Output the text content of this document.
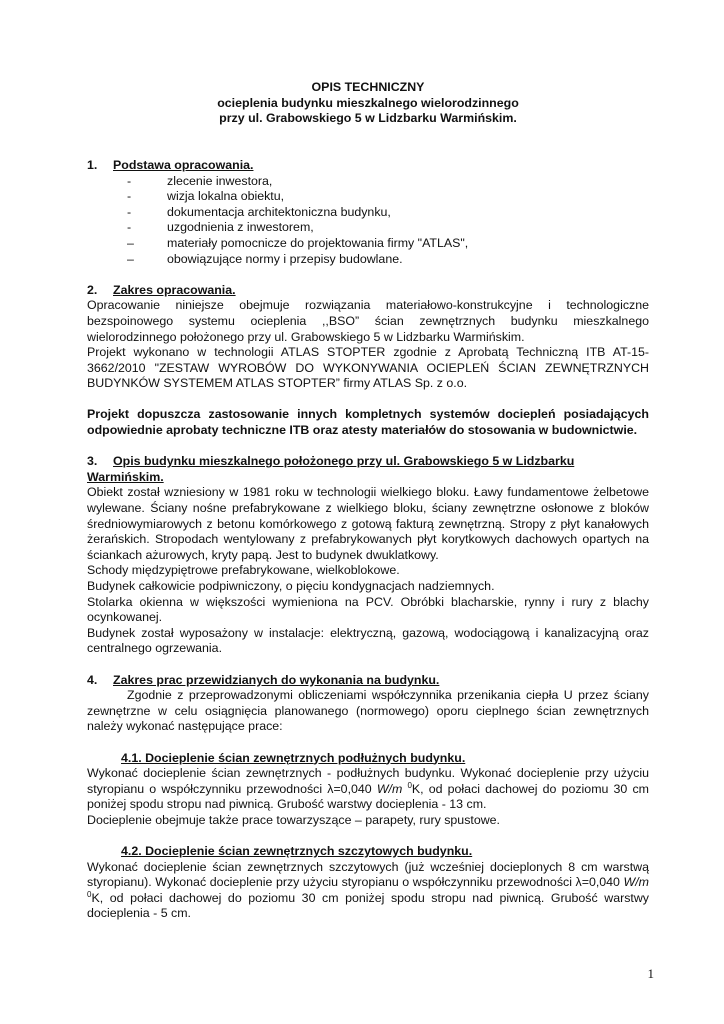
OPIS TECHNICZNY
ocieplenia budynku mieszkalnego wielorodzinnego
przy ul. Grabowskiego 5 w Lidzbarku Warmińskim.
1. Podstawa opracowania.
-	zlecenie inwestora,
-	wizja lokalna obiektu,
-	dokumentacja architektoniczna budynku,
-	uzgodnienia z inwestorem,
–	materiały pomocnicze do projektowania firmy "ATLAS",
–	obowiązujące normy i przepisy budowlane.
2. Zakres opracowania.
Opracowanie niniejsze obejmuje rozwiązania materiałowo-konstrukcyjne i technologiczne bezspoinowego systemu ocieplenia ,,BSO” ścian zewnętrznych budynku mieszkalnego wielorodzinnego położonego przy ul. Grabowskiego 5 w Lidzbarku Warmińskim.
Projekt wykonano w technologii ATLAS STOPTER zgodnie z Aprobatą Techniczną ITB AT-15-3662/2010 "ZESTAW WYROBÓW DO WYKONYWANIA OCIEPLEŃ ŚCIAN ZEWNĘTRZNYCH BUDYNKÓW SYSTEMEM ATLAS STOPTER” firmy ATLAS Sp. z o.o.
Projekt dopuszcza zastosowanie innych kompletnych systemów dociepleń posiadających odpowiednie aprobaty techniczne ITB oraz atesty materiałów do stosowania w budownictwie.
3. Opis budynku mieszkalnego położonego przy ul. Grabowskiego 5 w Lidzbarku Warmińskim.
Obiekt został wzniesiony w 1981 roku w technologii wielkiego bloku. Ławy fundamentowe żelbetowe wylewane. Ściany nośne prefabrykowane z wielkiego bloku, ściany zewnętrzne osłonowe z bloków średniowymiarowych z betonu komórkowego z gotową fakturą zewnętrzną. Stropy z płyt kanałowych żerańskich. Stropodach wentylowany z prefabrykowanych płyt korytkowych dachowych opartych na ściankach ażurowych, kryty papą. Jest to budynek dwuklatkowy.
Schody międzypiętrowe prefabrykowane, wielkoblokowe.
Budynek całkowicie podpiwniczony, o pięciu kondygnacjach nadziemnych.
Stolarka okienna w większości wymieniona na PCV. Obróbki blacharskie, rynny i rury z blachy ocynkowanej.
Budynek został wyposażony w instalacje: elektryczną, gazową, wodociągową i kanalizacyjną oraz centralnego ogrzewania.
4. Zakres prac przewidzianych do wykonania na budynku.
Zgodnie z przeprowadzonymi obliczeniami współczynnika przenikania ciepła U przez ściany zewnętrzne w celu osiągnięcia planowanego (normowego) oporu cieplnego ścian zewnętrznych należy wykonać następujące prace:
4.1. Docieplenie ścian zewnętrznych podłużnych budynku.
Wykonać docieplenie ścian zewnętrznych - podłużnych budynku. Wykonać docieplenie przy użyciu styropianu o współczynniku przewodności λ=0,040 W/m $^0$K, od połaci dachowej do poziomu 30 cm poniżej spodu stropu nad piwnicą. Grubość warstwy docieplenia - 13 cm.
Docieplenie obejmuje także prace towarzyszące – parapety, rury spustowe.
4.2. Docieplenie ścian zewnętrznych szczytowych budynku.
Wykonać docieplenie ścian zewnętrznych szczytowych (już wcześniej docieplonych 8 cm warstwą styropianu). Wykonać docieplenie przy użyciu styropianu o współczynniku przewodności λ=0,040 W/m $^0$K, od połaci dachowej do poziomu 30 cm poniżej spodu stropu nad piwnicą. Grubość warstwy docieplenia - 5 cm.
1
